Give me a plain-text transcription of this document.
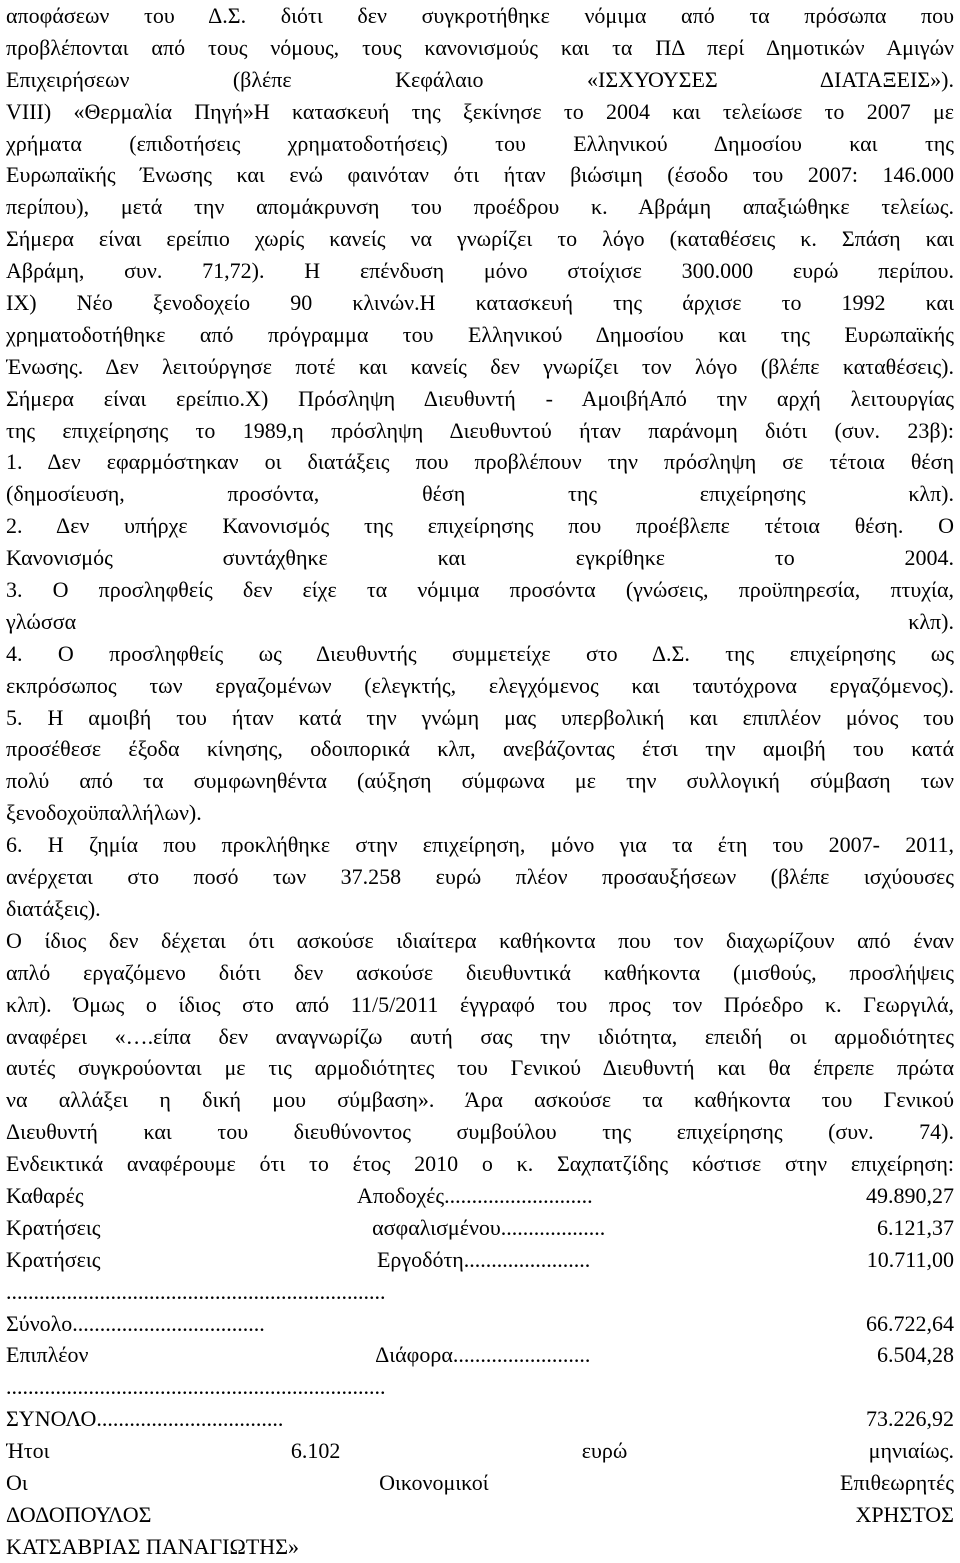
αποφάσεων του Δ.Σ. διότι δεν συγκροτήθηκε νόμιμα από τα πρόσωπα που
προβλέπονται από τους νόμους, τους κανονισμούς και τα ΠΔ περί Δημοτικών Αμιγών
Επιχειρήσεων (βλέπε Κεφάλαιο «ΙΣΧΥΟΥΣΕΣ ΔΙΑΤΑΞΕΙΣ»).
VIII) «Θερμαλία Πηγή»Η κατασκευή της ξεκίνησε το 2004 και τελείωσε το 2007 με
χρήματα (επιδοτήσεις χρηματοδοτήσεις) του Ελληνικού Δημοσίου και της
Ευρωπαϊκής Ένωσης και ενώ φαινόταν ότι ήταν βιώσιμη (έσοδο του 2007: 146.000
περίπου), μετά την απομάκρυνση του προέδρου κ. Αβράμη απαξιώθηκε τελείως.
Σήμερα είναι ερείπιο χωρίς κανείς να γνωρίζει το λόγο (καταθέσεις κ. Σπάση και
Αβράμη, συν. 71,72). Η επένδυση μόνο στοίχισε 300.000 ευρώ περίπου.
IX) Νέο ξενοδοχείο 90 κλινών.Η κατασκευή της άρχισε το 1992 και
χρηματοδοτήθηκε από πρόγραμμα του Ελληνικού Δημοσίου και της Ευρωπαϊκής
Ένωσης. Δεν λειτούργησε ποτέ και κανείς δεν γνωρίζει τον λόγο (βλέπε καταθέσεις).
Σήμερα είναι ερείπιο.Χ) Πρόσληψη Διευθυντή - ΑμοιβήΑπό την αρχή λειτουργίας
της επιχείρησης το 1989,η πρόσληψη Διευθυντού ήταν παράνομη διότι (συν. 23β):
1. Δεν εφαρμόστηκαν οι διατάξεις που προβλέπουν την πρόσληψη σε τέτοια θέση
(δημοσίευση, προσόντα, θέση της επιχείρησης κλπ).
2. Δεν υπήρχε Κανονισμός της επιχείρησης που προέβλεπε τέτοια θέση. Ο
Κανονισμός συντάχθηκε και εγκρίθηκε το 2004.
3. Ο προσληφθείς δεν είχε τα νόμιμα προσόντα (γνώσεις, προϋπηρεσία, πτυχία,
γλώσσα κλπ).
4. Ο προσληφθείς ως Διευθυντής συμμετείχε στο Δ.Σ. της επιχείρησης ως
εκπρόσωπος των εργαζομένων (ελεγκτής, ελεγχόμενος και ταυτόχρονα εργαζόμενος).
5. Η αμοιβή του ήταν κατά την γνώμη μας υπερβολική και επιπλέον μόνος του
προσέθεσε έξοδα κίνησης, οδοιπορικά κλπ, ανεβάζοντας έτσι την αμοιβή του κατά
πολύ από τα συμφωνηθέντα (αύξηση σύμφωνα με την συλλογική σύμβαση των
ξενοδοχοϋπαλλήλων).
6. Η ζημία που προκλήθηκε στην επιχείρηση, μόνο για τα έτη του 2007- 2011,
ανέρχεται στο ποσό των 37.258 ευρώ πλέον προσαυξήσεων (βλέπε ισχύουσες
διατάξεις).
Ο ίδιος δεν δέχεται ότι ασκούσε ιδιαίτερα καθήκοντα που τον διαχωρίζουν από έναν
απλό εργαζόμενο διότι δεν ασκούσε διευθυντικά καθήκοντα (μισθούς, προσλήψεις
κλπ). Όμως ο ίδιος στο από 11/5/2011 έγγραφό του προς τον Πρόεδρο κ. Γεωργιλά,
αναφέρει «….είπα δεν αναγνωρίζω αυτή σας την ιδιότητα, επειδή οι αρμοδιότητες
αυτές συγκρούονται με τις αρμοδιότητες του Γενικού Διευθυντή και θα έπρεπε πρώτα
να αλλάξει η δική μου σύμβαση». Άρα ασκούσε τα καθήκοντα του Γενικού
Διευθυντή και του διευθύνοντος συμβούλου της επιχείρησης (συν. 74).
Ενδεικτικά αναφέρουμε ότι το έτος 2010 ο κ. Σαχπατζίδης κόστισε στην επιχείρηση:
Καθαρές	Αποδοχές...........................	49.890,27
Κρατήσεις	ασφαλισμένου...................	6.121,37
Κρατήσεις	Εργοδότη.......................	10.711,00
.....................................................................
Σύνολο...................................	66.722,64
Επιπλέον	Διάφορα.........................	6.504,28
.....................................................................
ΣΥΝΟΛΟ..................................	73.226,92
Ήτοι	6.102	ευρώ	μηνιαίως.
Οι	Οικονομικοί	Επιθεωρητές
ΔΟΔΟΠΟΥΛΟΣ	ΧΡΗΣΤΟΣ
ΚΑΤΣΑΒΡΙΑΣ ΠΑΝΑΓΙΩΤΗΣ»
